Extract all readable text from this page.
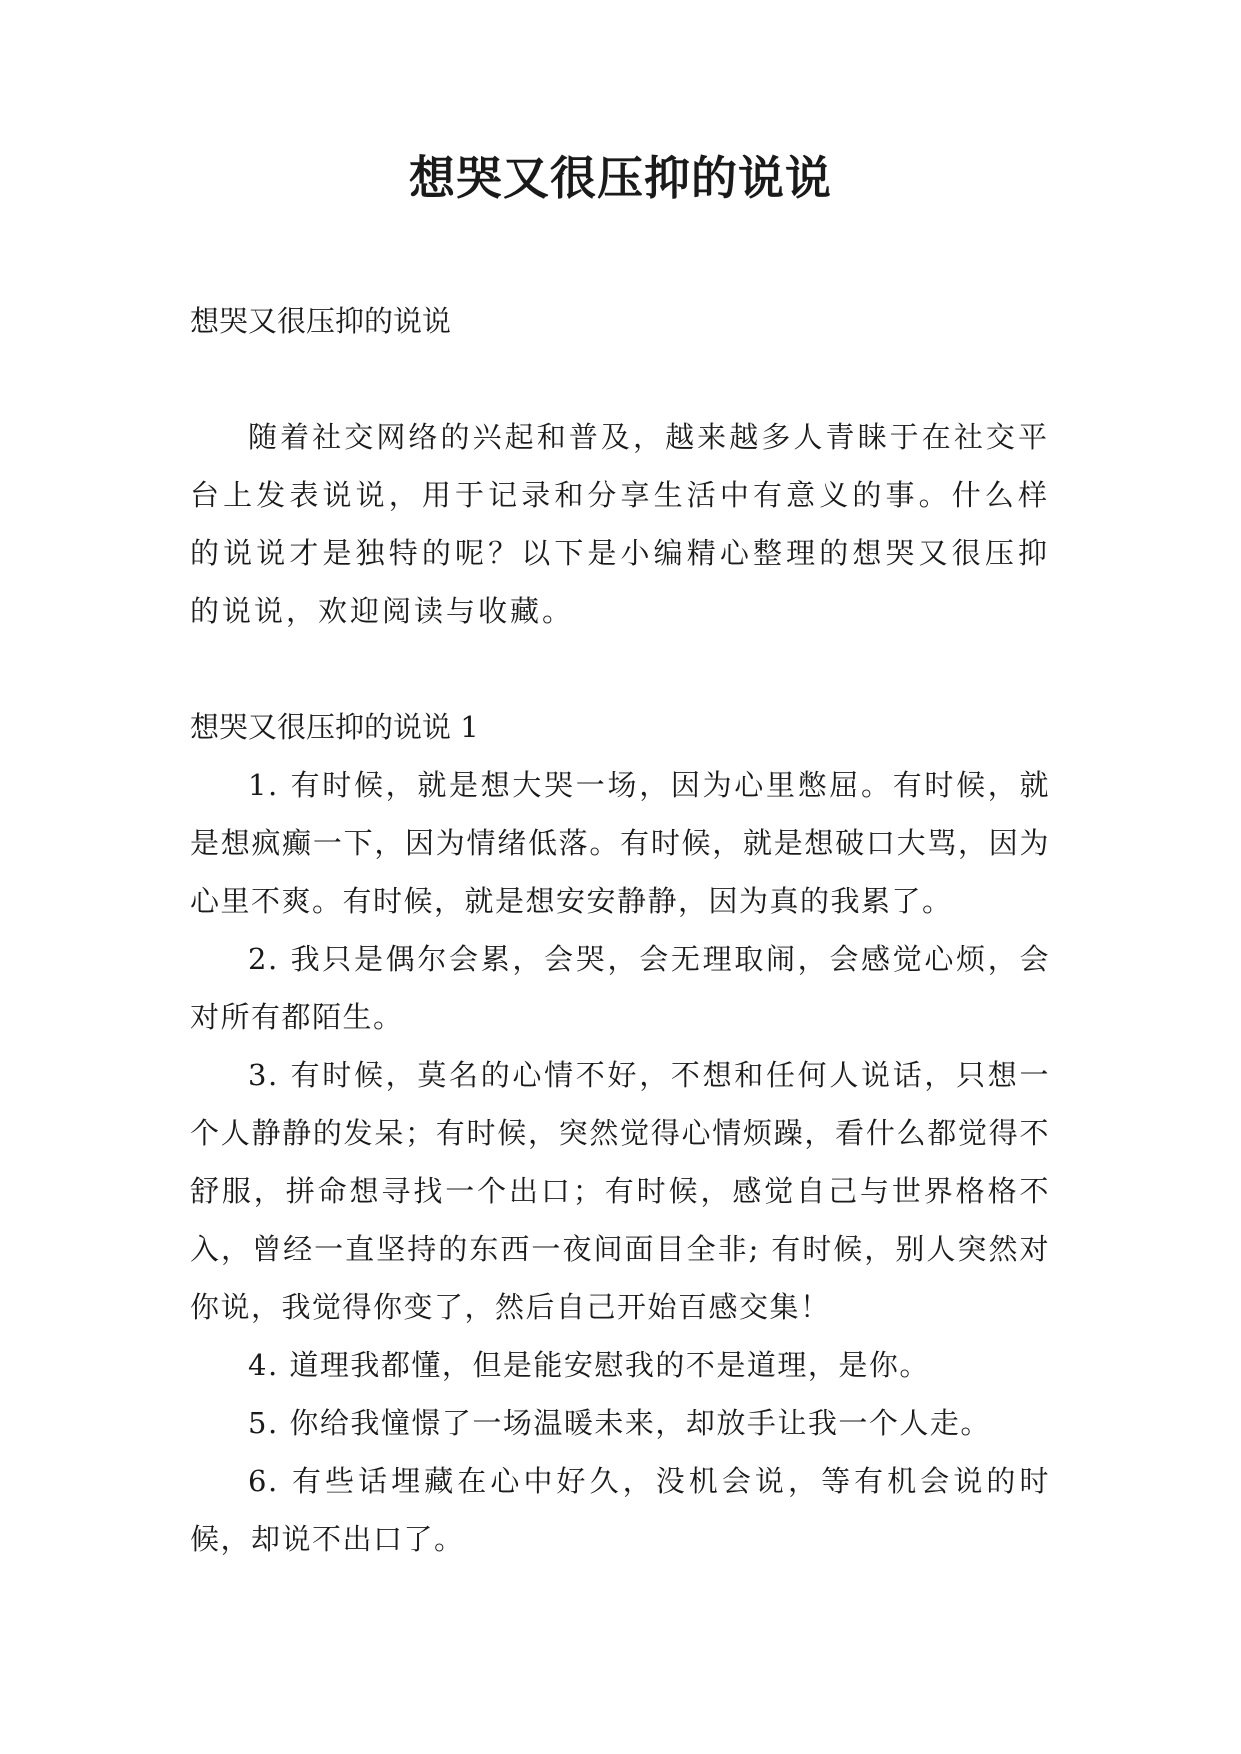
想哭又很压抑的说说

想哭又很压抑的说说

随着社交网络的兴起和普及，越来越多人青睐于在社交平台上发表说说，用于记录和分享生活中有意义的事。什么样的说说才是独特的呢？以下是小编精心整理的想哭又很压抑的说说，欢迎阅读与收藏。

想哭又很压抑的说说 1

1. 有时候，就是想大哭一场，因为心里憋屈。有时候，就是想疯癫一下，因为情绪低落。有时候，就是想破口大骂，因为心里不爽。有时候，就是想安安静静，因为真的我累了。

2. 我只是偶尔会累，会哭，会无理取闹，会感觉心烦，会对所有都陌生。

3. 有时候，莫名的心情不好，不想和任何人说话，只想一个人静静的发呆；有时候，突然觉得心情烦躁，看什么都觉得不舒服，拼命想寻找一个出口；有时候，感觉自己与世界格格不入，曾经一直坚持的东西一夜间面目全非; 有时候，别人突然对你说，我觉得你变了，然后自己开始百感交集！

4. 道理我都懂，但是能安慰我的不是道理，是你。

5. 你给我憧憬了一场温暖未来，却放手让我一个人走。

6. 有些话埋藏在心中好久，没机会说，等有机会说的时候，却说不出口了。
